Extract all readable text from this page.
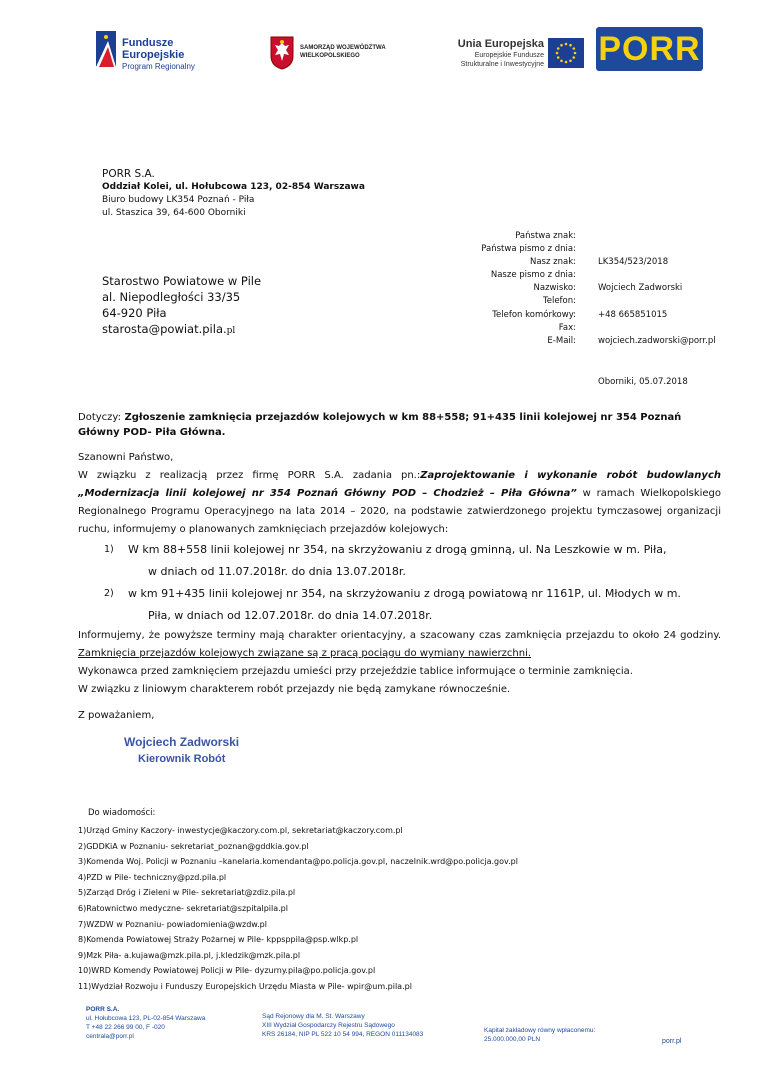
Fundusze
Europejskie
Program Regionalny
SAMORZĄD WOJEWÓDZTWA
WIELKOPOLSKIEGO
Unia Europejska
Europejskie Fundusze
Strukturalne i Inwestycyjne PORR
PORR S.A.
Oddział Kolei, ul. Hołubcowa 123, 02-854 Warszawa
Biuro budowy LK354 Poznań - Piła
ul. Staszica 39, 64-600 Oborniki
Starostwo Powiatowe w Pile
al. Niepodległości 33/35
64-920 Piła
starosta@powiat.pila.pl
Państwa znak:
Państwa pismo z dnia:
Nasz znak:
Nasze pismo z dnia:
Nazwisko:
Telefon:
Telefon komórkowy:
Fax:
E-Mail:

LK354/523/2018

Wojciech Zadworski

+48 665851015

wojciech.zadworski@porr.pl
Oborniki, 05.07.2018
Dotyczy: Zgłoszenie zamknięcia przejazdów kolejowych w km 88+558; 91+435 linii kolejowej nr 354 Poznań Główny POD- Piła Główna.

Szanowni Państwo,

W związku z realizacją przez firmę PORR S.A. zadania pn.:Zaprojektowanie i wykonanie robót budowlanych „Modernizacja linii kolejowej nr 354 Poznań Główny POD – Chodzież – Piła Główna” w ramach Wielkopolskiego Regionalnego Programu Operacyjnego na lata 2014 – 2020, na podstawie zatwierdzonego projektu tymczasowej organizacji ruchu, informujemy o planowanych zamknięciach przejazdów kolejowych:

1) W km 88+558 linii kolejowej nr 354, na skrzyżowaniu z drogą gminną, ul. Na Leszkowie w m. Piła,
w dniach od 11.07.2018r. do dnia 13.07.2018r.
2) w km 91+435 linii kolejowej nr 354, na skrzyżowaniu z drogą powiatową nr 1161P, ul. Młodych w m.
Piła, w dniach od 12.07.2018r. do dnia 14.07.2018r.

Informujemy, że powyższe terminy mają charakter orientacyjny, a szacowany czas zamknięcia przejazdu to około 24 godziny. Zamknięcia przejazdów kolejowych związane są z pracą pociągu do wymiany nawierzchni.

Wykonawca przed zamknięciem przejazdu umieści przy przejeździe tablice informujące o terminie zamknięcia.

W związku z liniowym charakterem robót przejazdy nie będą zamykane równocześnie.

Z poważaniem,
Wojciech Zadworski
Kierownik Robót
Do wiadomości:
1)Urząd Gminy Kaczory- inwestycje@kaczory.com.pl, sekretariat@kaczory.com.pl
2)GDDKiA w Poznaniu- sekretariat_poznan@gddkia.gov.pl
3)Komenda Woj. Policji w Poznaniu –kanelaria.komendanta@po.policja.gov.pl, naczelnik.wrd@po.policja.gov.pl
4)PZD w Pile- techniczny@pzd.pila.pl
5)Zarząd Dróg i Zieleni w Pile- sekretariat@zdiz.pila.pl
6)Ratownictwo medyczne- sekretariat@szpitalpila.pl
7)WZDW w Poznaniu- powiadomienia@wzdw.pl
8)Komenda Powiatowej Straży Pożarnej w Pile- kppsppila@psp.wlkp.pl
9)Mzk Piła- a.kujawa@mzk.pila.pl, j.kledzik@mzk.pila.pl
10)WRD Komendy Powiatowej Policji w Pile- dyzurny.pila@po.policja.gov.pl
11)Wydział Rozwoju i Funduszy Europejskich Urzędu Miasta w Pile- wpir@um.pila.pl
PORR S.A.
ul. Hołubcowa 123, PL-02-854 Warszawa
T +48 22 266 99 00, F -020
centrala@porr.pl
Sąd Rejonowy dla M. St. Warszawy
XIII Wydział Gospodarczy Rejestru Sądowego
KRS 26184, NIP PL 522 10 54 994, REGON 011134083
Kapitał zakładowy równy wpłaconemu:
25.000.000,00 PLN	porr.pl
